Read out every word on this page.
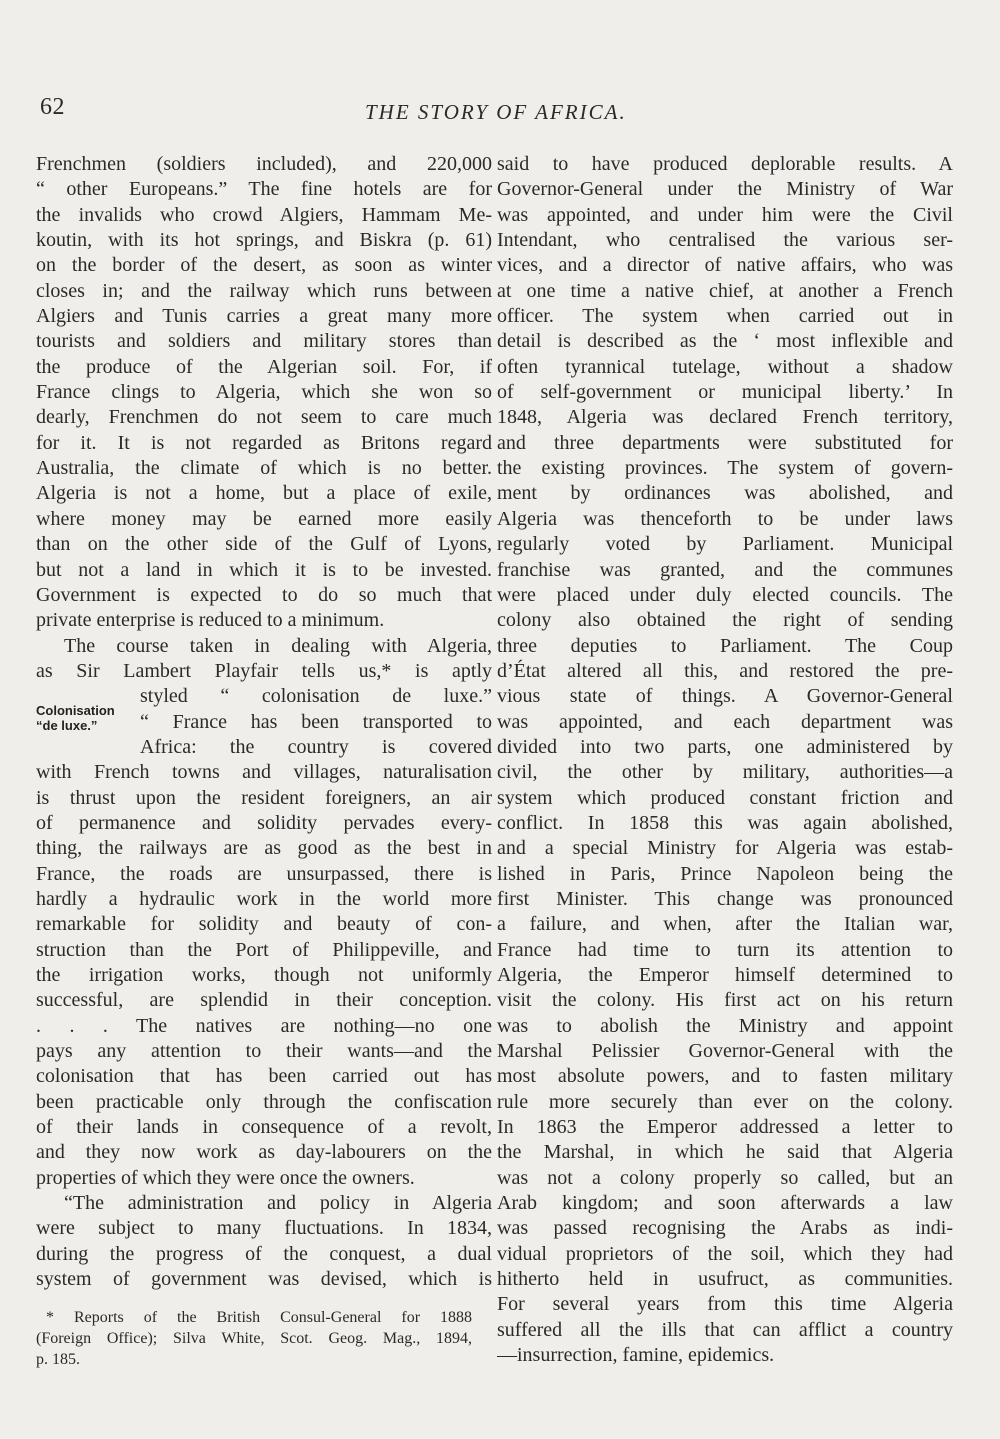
62	THE STORY OF AFRICA.
Frenchmen (soldiers included), and 220,000
“ other Europeans.” The fine hotels are for
the invalids who crowd Algiers, Hammam Me-
koutin, with its hot springs, and Biskra (p. 61)
on the border of the desert, as soon as winter
closes in; and the railway which runs between
Algiers and Tunis carries a great many more
tourists and soldiers and military stores than
the produce of the Algerian soil. For, if
France clings to Algeria, which she won so
dearly, Frenchmen do not seem to care much
for it. It is not regarded as Britons regard
Australia, the climate of which is no better.
Algeria is not a home, but a place of exile,
where money may be earned more easily
than on the other side of the Gulf of Lyons,
but not a land in which it is to be invested.
Government is expected to do so much that
private enterprise is reduced to a minimum.
The course taken in dealing with Algeria,
as Sir Lambert Playfair tells us,* is aptly
styled “ colonisation de luxe.”
“ France has been transported to
Africa: the country is covered
with French towns and villages, naturalisation
is thrust upon the resident foreigners, an air
of permanence and solidity pervades every-
thing, the railways are as good as the best in
France, the roads are unsurpassed, there is
hardly a hydraulic work in the world more
remarkable for solidity and beauty of con-
struction than the Port of Philippeville, and
the irrigation works, though not uniformly
successful, are splendid in their conception.
. . . The natives are nothing—no one
pays any attention to their wants—and the
colonisation that has been carried out has
been practicable only through the confiscation
of their lands in consequence of a revolt,
and they now work as day-labourers on the
properties of which they were once the owners.
“The administration and policy in Algeria
were subject to many fluctuations. In 1834,
during the progress of the conquest, a dual
system of government was devised, which is
Colonisation
“de luxe.”
said to have produced deplorable results. A
Governor-General under the Ministry of War
was appointed, and under him were the Civil
Intendant, who centralised the various ser-
vices, and a director of native affairs, who was
at one time a native chief, at another a French
officer. The system when carried out in
detail is described as the ‘ most inflexible and
often tyrannical tutelage, without a shadow
of self-government or municipal liberty.’ In
1848, Algeria was declared French territory,
and three departments were substituted for
the existing provinces. The system of govern-
ment by ordinances was abolished, and
Algeria was thenceforth to be under laws
regularly voted by Parliament. Municipal
franchise was granted, and the communes
were placed under duly elected councils. The
colony also obtained the right of sending
three deputies to Parliament. The Coup
d’État altered all this, and restored the pre-
vious state of things. A Governor-General
was appointed, and each department was
divided into two parts, one administered by
civil, the other by military, authorities—a
system which produced constant friction and
conflict. In 1858 this was again abolished,
and a special Ministry for Algeria was estab-
lished in Paris, Prince Napoleon being the
first Minister. This change was pronounced
a failure, and when, after the Italian war,
France had time to turn its attention to
Algeria, the Emperor himself determined to
visit the colony. His first act on his return
was to abolish the Ministry and appoint
Marshal Pelissier Governor-General with the
most absolute powers, and to fasten military
rule more securely than ever on the colony.
In 1863 the Emperor addressed a letter to
the Marshal, in which he said that Algeria
was not a colony properly so called, but an
Arab kingdom; and soon afterwards a law
was passed recognising the Arabs as indi-
vidual proprietors of the soil, which they had
hitherto held in usufruct, as communities.
For several years from this time Algeria
suffered all the ills that can afflict a country
—insurrection, famine, epidemics.
* Reports of the British Consul-General for 1888
(Foreign Office); Silva White, Scot. Geog. Mag., 1894,
p. 185.
